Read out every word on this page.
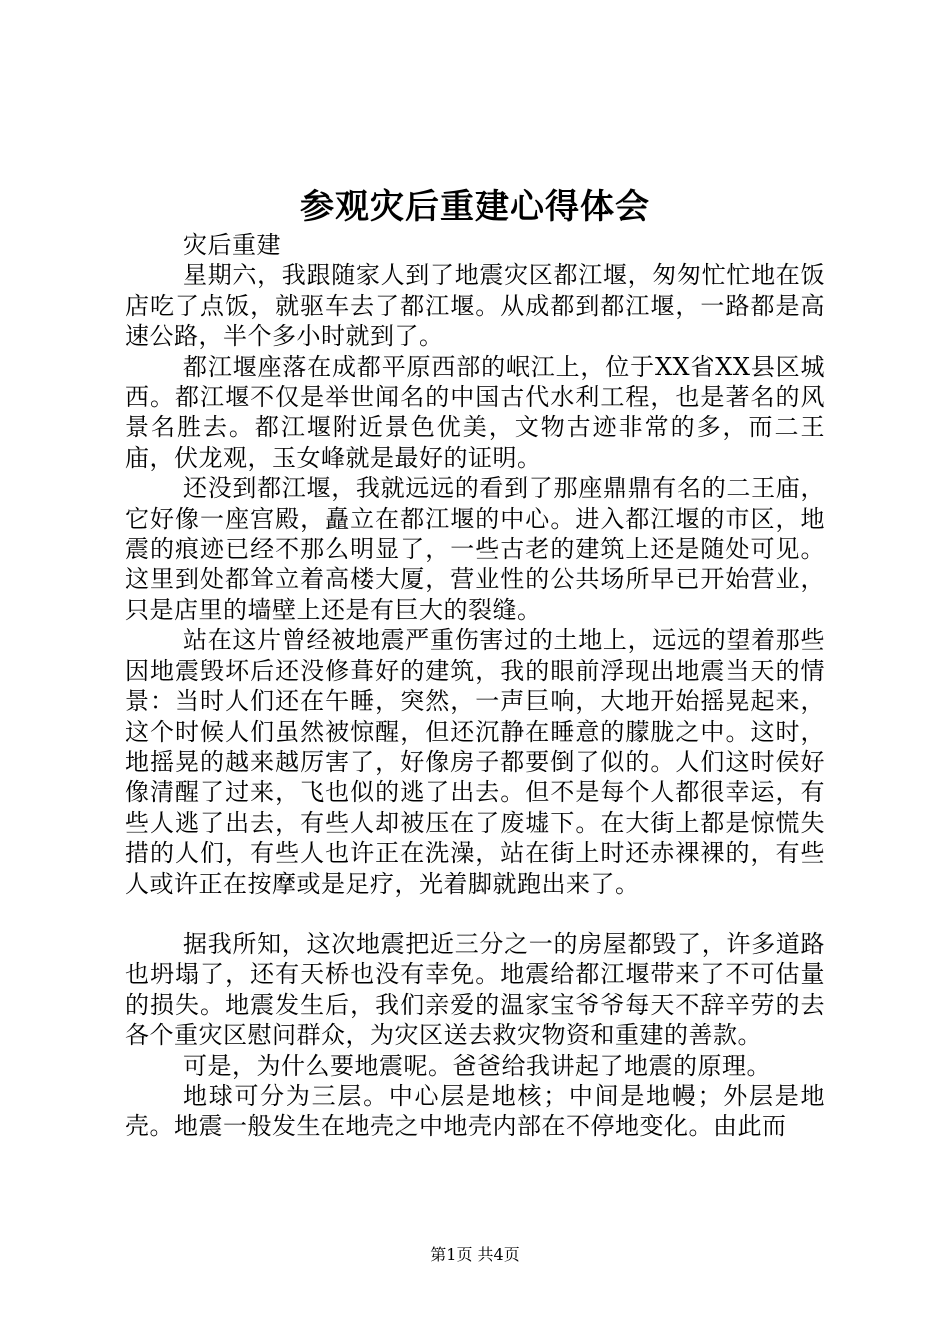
参观灾后重建心得体会

灾后重建

星期六，我跟随家人到了地震灾区都江堰，匆匆忙忙地在饭店吃了点饭，就驱车去了都江堰。从成都到都江堰，一路都是高速公路，半个多小时就到了。

都江堰座落在成都平原西部的岷江上，位于XX省XX县区城西。都江堰不仅是举世闻名的中国古代水利工程，也是著名的风景名胜去。都江堰附近景色优美，文物古迹非常的多，而二王庙，伏龙观，玉女峰就是最好的证明。

还没到都江堰，我就远远的看到了那座鼎鼎有名的二王庙，它好像一座宫殿，矗立在都江堰的中心。进入都江堰的市区，地震的痕迹已经不那么明显了，一些古老的建筑上还是随处可见。这里到处都耸立着高楼大厦，营业性的公共场所早已开始营业，只是店里的墙壁上还是有巨大的裂缝。

站在这片曾经被地震严重伤害过的土地上，远远的望着那些因地震毁坏后还没修葺好的建筑，我的眼前浮现出地震当天的情景：当时人们还在午睡，突然，一声巨响，大地开始摇晃起来，这个时候人们虽然被惊醒，但还沉静在睡意的朦胧之中。这时，地摇晃的越来越厉害了，好像房子都要倒了似的。人们这时侯好像清醒了过来，飞也似的逃了出去。但不是每个人都很幸运，有些人逃了出去，有些人却被压在了废墟下。在大街上都是惊慌失措的人们，有些人也许正在洗澡，站在街上时还赤裸裸的，有些人或许正在按摩或是足疗，光着脚就跑出来了。

据我所知，这次地震把近三分之一的房屋都毁了，许多道路也坍塌了，还有天桥也没有幸免。地震给都江堰带来了不可估量的损失。地震发生后，我们亲爱的温家宝爷爷每天不辞辛劳的去各个重灾区慰问群众，为灾区送去救灾物资和重建的善款。

可是，为什么要地震呢。爸爸给我讲起了地震的原理。

地球可分为三层。中心层是地核；中间是地幔；外层是地壳。地震一般发生在地壳之中地壳内部在不停地变化。由此而

第1页 共4页
